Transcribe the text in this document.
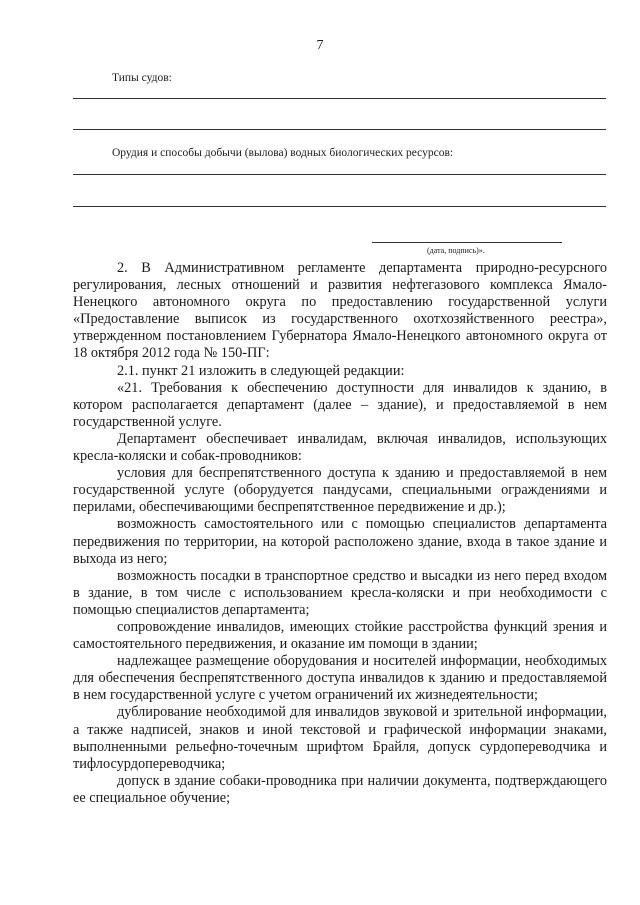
7
Типы судов:
Орудия и способы добычи (вылова) водных биологических ресурсов:
(дата, подпись)».

2. В Административном регламенте департамента природно-ресурсного регулирования, лесных отношений и развития нефтегазового комплекса Ямало-Ненецкого автономного округа по предоставлению государственной услуги «Предоставление выписок из государственного охотхозяйственного реестра», утвержденном постановлением Губернатора Ямало-Ненецкого автономного округа от 18 октября 2012 года № 150-ПГ:

2.1. пункт 21 изложить в следующей редакции:

«21. Требования к обеспечению доступности для инвалидов к зданию, в котором располагается департамент (далее – здание), и предоставляемой в нем государственной услуге.

Департамент обеспечивает инвалидам, включая инвалидов, использующих кресла-коляски и собак-проводников:

условия для беспрепятственного доступа к зданию и предоставляемой в нем государственной услуге (оборудуется пандусами, специальными ограждениями и перилами, обеспечивающими беспрепятственное передвижение и др.);

возможность самостоятельного или с помощью специалистов департамента передвижения по территории, на которой расположено здание, входа в такое здание и выхода из него;

возможность посадки в транспортное средство и высадки из него перед входом в здание, в том числе с использованием кресла-коляски и при необходимости с помощью специалистов департамента;

сопровождение инвалидов, имеющих стойкие расстройства функций зрения и самостоятельного передвижения, и оказание им помощи в здании;

надлежащее размещение оборудования и носителей информации, необходимых для обеспечения беспрепятственного доступа инвалидов к зданию и предоставляемой в нем государственной услуге с учетом ограничений их жизнедеятельности;

дублирование необходимой для инвалидов звуковой и зрительной информации, а также надписей, знаков и иной текстовой и графической информации знаками, выполненными рельефно-точечным шрифтом Брайля, допуск сурдопереводчика и тифлосурдопереводчика;

допуск в здание собаки-проводника при наличии документа, подтверждающего ее специальное обучение;
